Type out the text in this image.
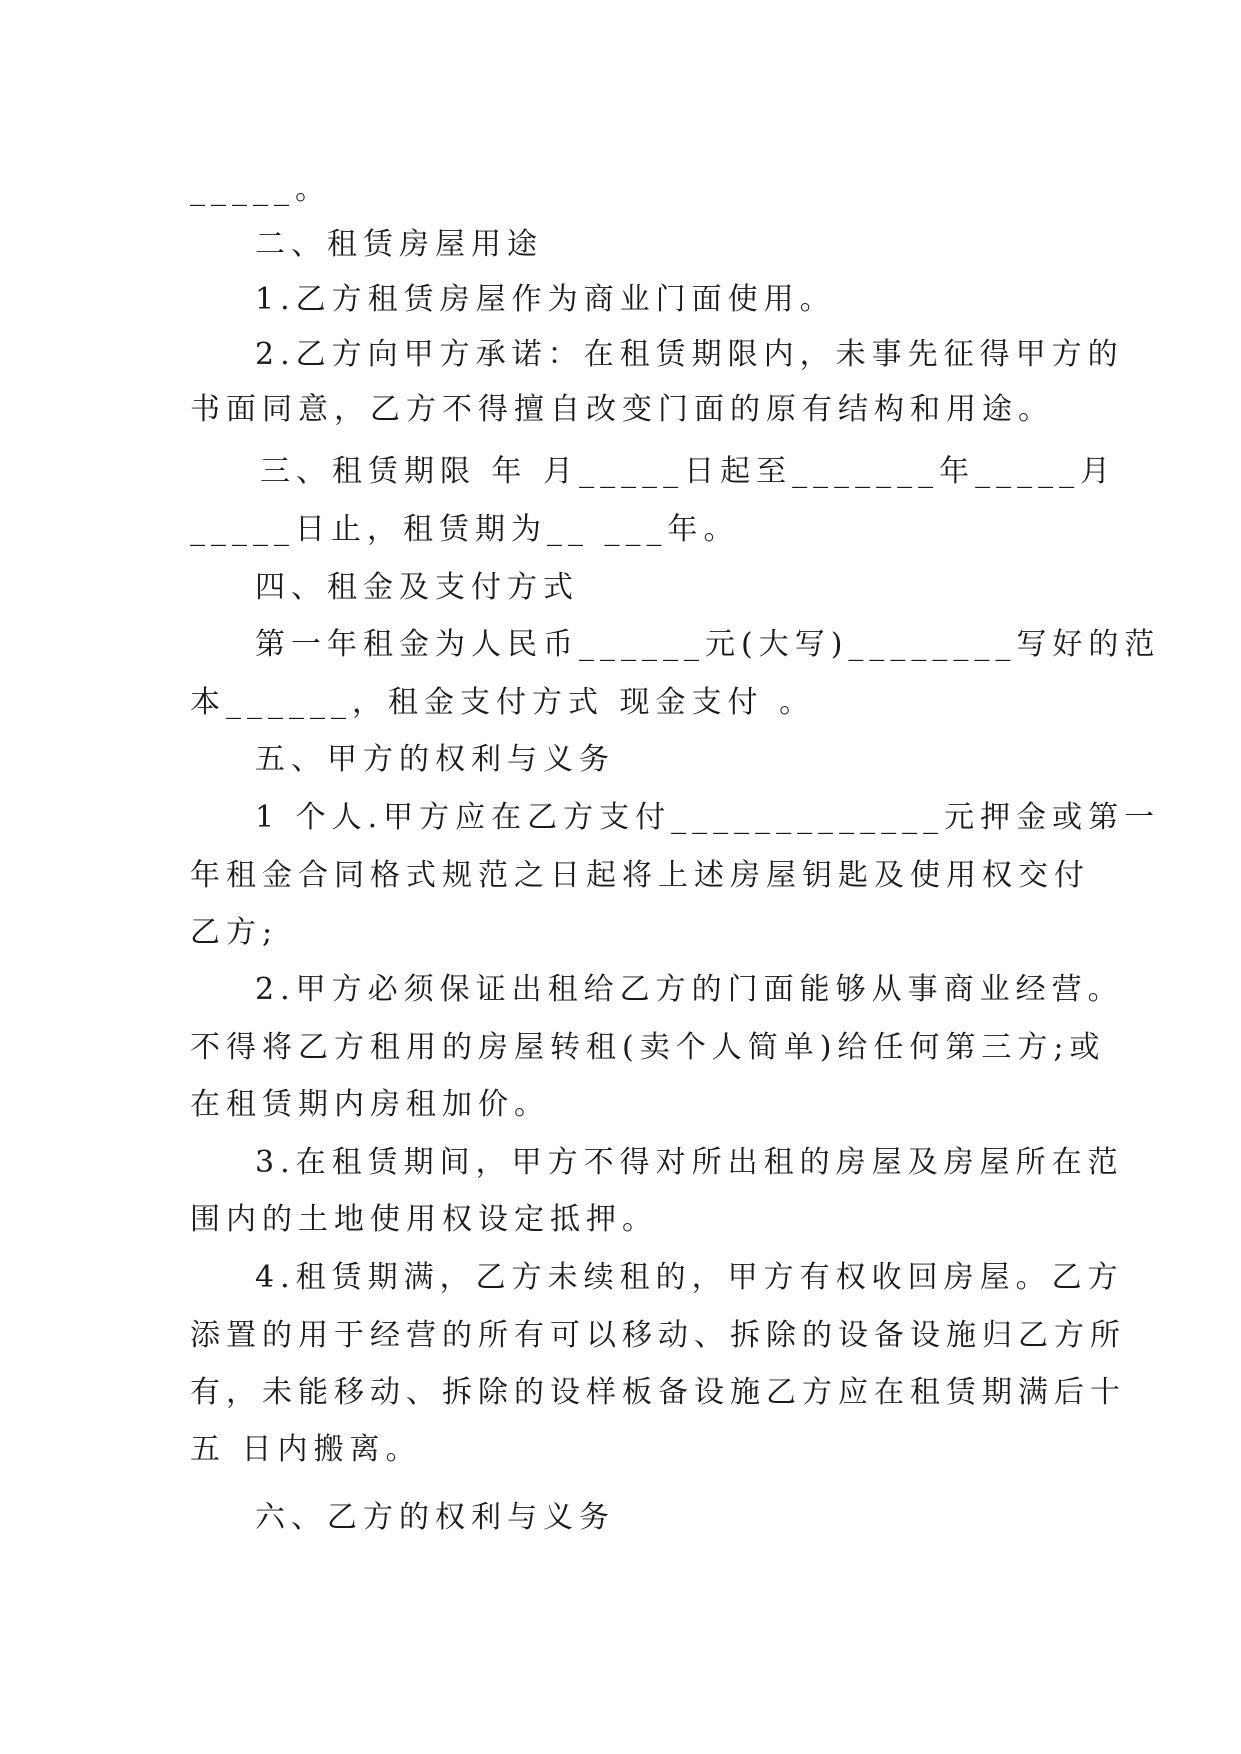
_____。
二、租赁房屋用途
1.乙方租赁房屋作为商业门面使用。
2.乙方向甲方承诺：在租赁期限内，未事先征得甲方的
书面同意，乙方不得擅自改变门面的原有结构和用途。
三、租赁期限 年 月_____日起至_______年_____月
_____日止，租赁期为__ ___年。
四、租金及支付方式
第一年租金为人民币______元(大写)________写好的范
本______，租金支付方式 现金支付 。
五、甲方的权利与义务
1 个人.甲方应在乙方支付_____________元押金或第一
年租金合同格式规范之日起将上述房屋钥匙及使用权交付
乙方;
2.甲方必须保证出租给乙方的门面能够从事商业经营。
不得将乙方租用的房屋转租(卖个人简单)给任何第三方;或
在租赁期内房租加价。
3.在租赁期间，甲方不得对所出租的房屋及房屋所在范
围内的土地使用权设定抵押。
4.租赁期满，乙方未续租的，甲方有权收回房屋。乙方
添置的用于经营的所有可以移动、拆除的设备设施归乙方所
有，未能移动、拆除的设样板备设施乙方应在租赁期满后十
五 日内搬离。
六、乙方的权利与义务
